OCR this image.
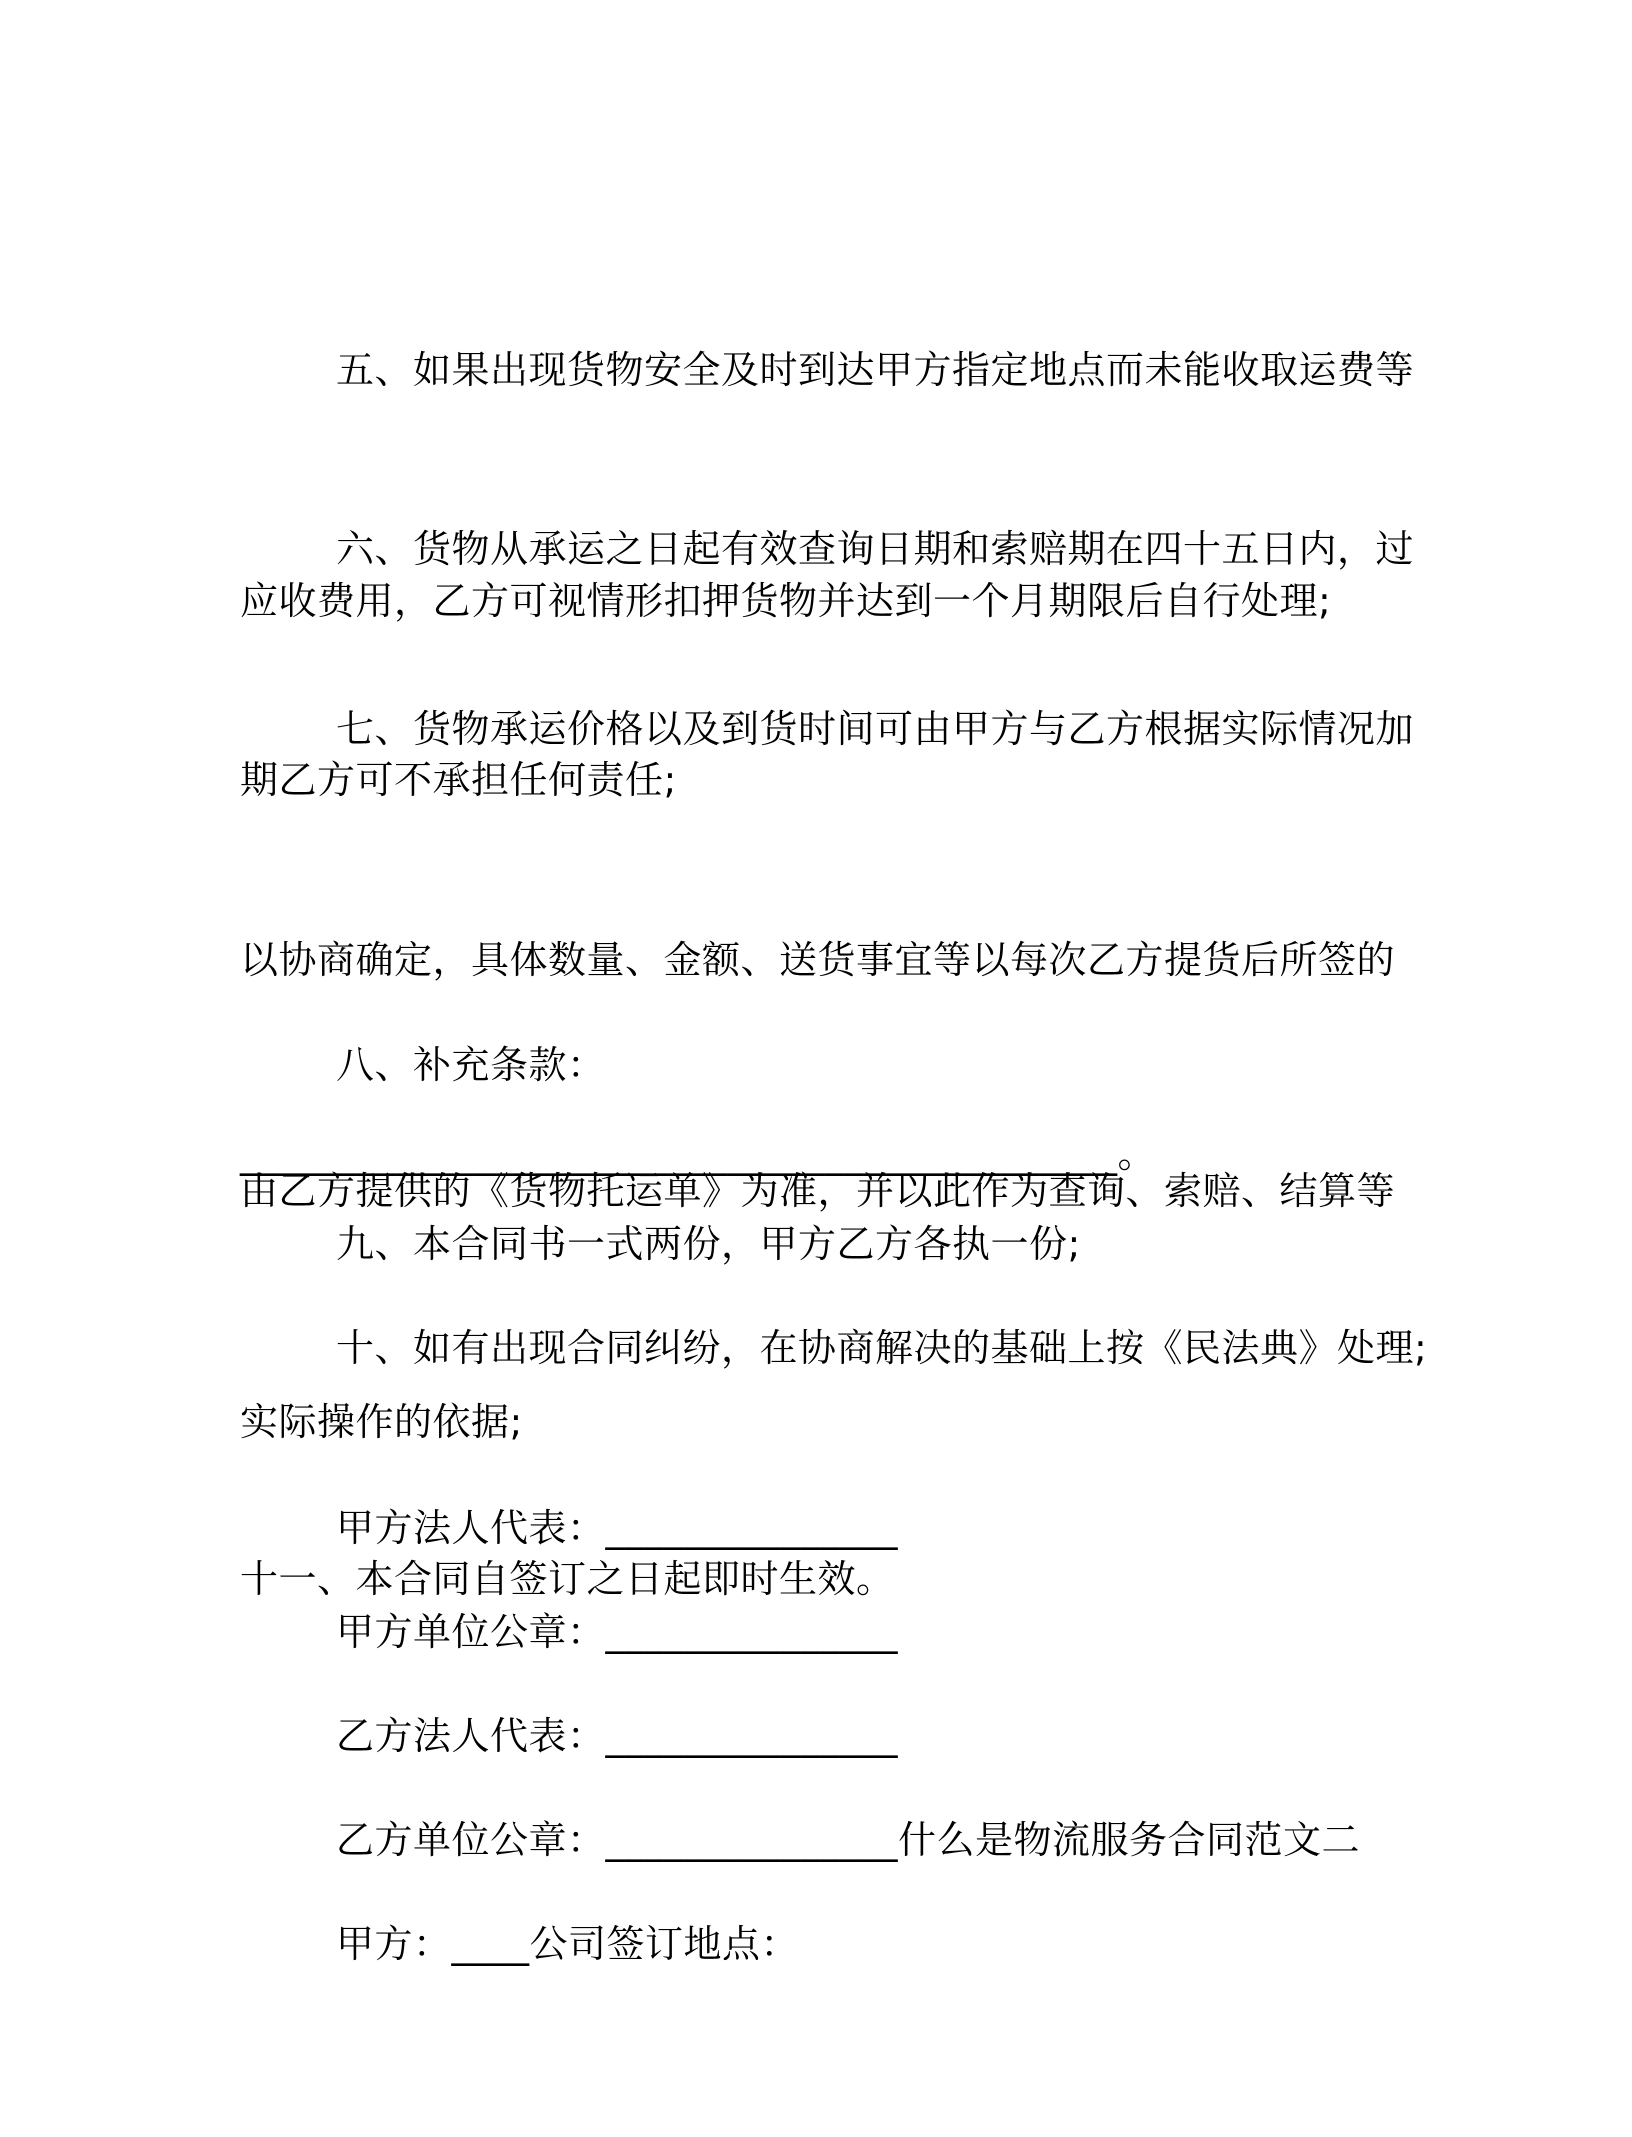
五、如果出现货物安全及时到达甲方指定地点而未能收取运费等

应收费用，乙方可视情形扣押货物并达到一个月期限后自行处理;

六、货物从承运之日起有效查询日期和索赔期在四十五日内，过

期乙方可不承担任何责任;

七、货物承运价格以及到货时间可由甲方与乙方根据实际情况加

以协商确定，具体数量、金额、送货事宜等以每次乙方提货后所签的

由乙方提供的《货物托运单》为准，并以此作为查询、索赔、结算等

实际操作的依据;

八、补充条款：

_____________________________________________。

九、本合同书一式两份，甲方乙方各执一份;

十、如有出现合同纠纷，在协商解决的基础上按《民法典》处理;

十一、本合同自签订之日起即时生效。

甲方法人代表：_______________

甲方单位公章：_______________

乙方法人代表：_______________

乙方单位公章：_______________什么是物流服务合同范文二

甲方：____公司签订地点：
